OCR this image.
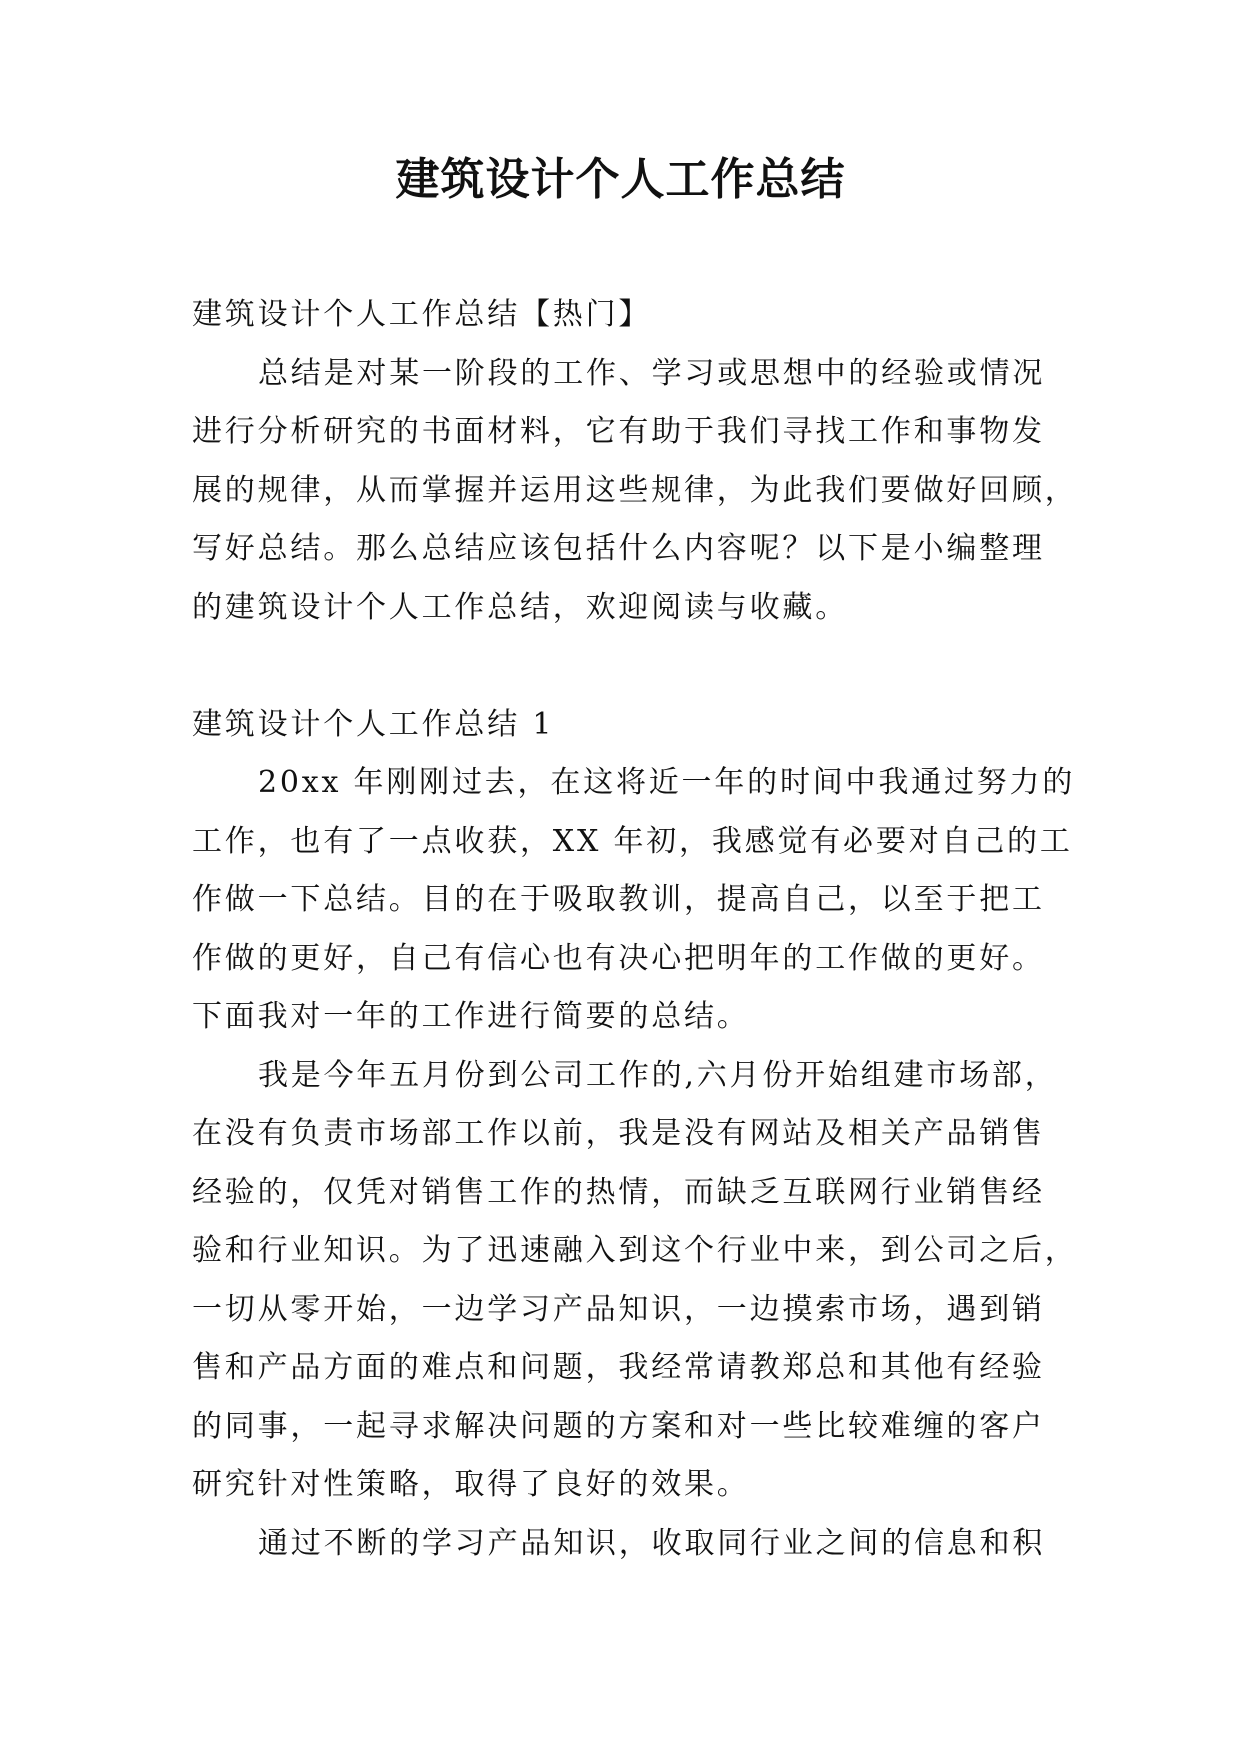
建筑设计个人工作总结
建筑设计个人工作总结【热门】
总结是对某一阶段的工作、学习或思想中的经验或情况
进行分析研究的书面材料，它有助于我们寻找工作和事物发
展的规律，从而掌握并运用这些规律，为此我们要做好回顾，
写好总结。那么总结应该包括什么内容呢？以下是小编整理
的建筑设计个人工作总结，欢迎阅读与收藏。
建筑设计个人工作总结 1
20xx 年刚刚过去，在这将近一年的时间中我通过努力的
工作，也有了一点收获，XX 年初，我感觉有必要对自己的工
作做一下总结。目的在于吸取教训，提高自己，以至于把工
作做的更好，自己有信心也有决心把明年的工作做的更好。
下面我对一年的工作进行简要的总结。
我是今年五月份到公司工作的,六月份开始组建市场部，
在没有负责市场部工作以前，我是没有网站及相关产品销售
经验的，仅凭对销售工作的热情，而缺乏互联网行业销售经
验和行业知识。为了迅速融入到这个行业中来，到公司之后，
一切从零开始，一边学习产品知识，一边摸索市场，遇到销
售和产品方面的难点和问题，我经常请教郑总和其他有经验
的同事，一起寻求解决问题的方案和对一些比较难缠的客户
研究针对性策略，取得了良好的效果。
通过不断的学习产品知识，收取同行业之间的信息和积
